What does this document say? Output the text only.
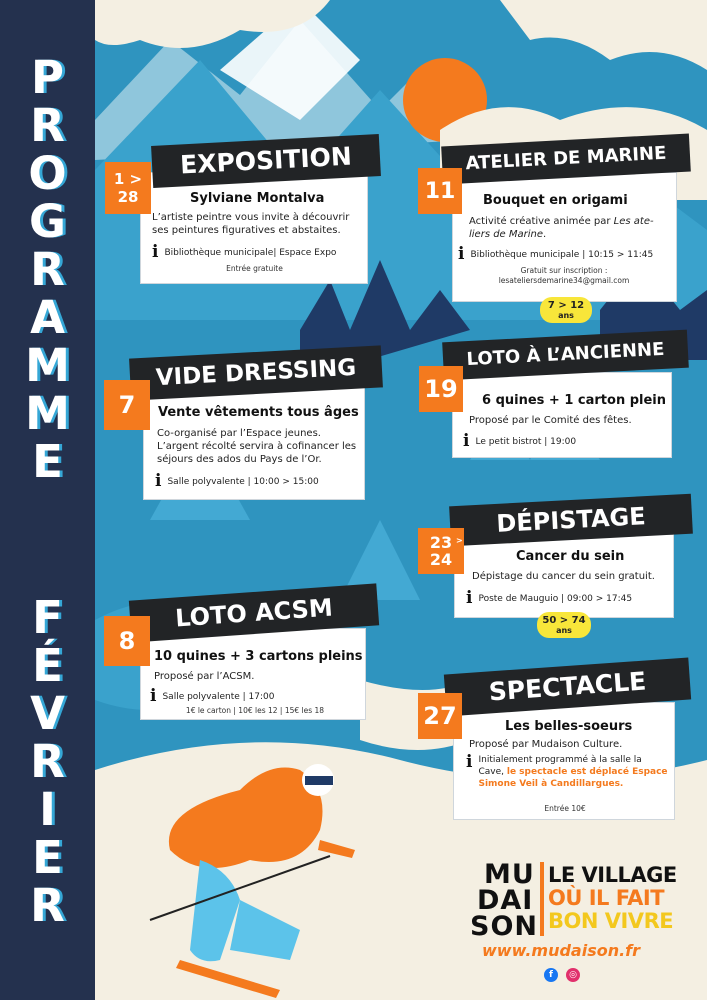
P
R
O
G
R
A
M
M
E
F
É
V
R
I
E
R
EXPOSITION
1 >
28	Sylviane Montalva
L’artiste peintre vous invite à découvrir ses peintures figuratives et abstaites.
i Bibliothèque municipale| Espace Expo
Entrée gratuite
ATELIER DE MARINE
11	Bouquet en origami
Activité créative animée par Les ate-liers de Marine.
i Bibliothèque municipale | 10:15 > 11:45
Gratuit sur inscription :
lesateliersdemarine34@gmail.com
7 > 12
ans
VIDE DRESSING
7	Vente vêtements tous âges
Co-organisé par l’Espace jeunes. L’argent récolté servira à cofinancer les séjours des ados du Pays de l’Or.
i Salle polyvalente | 10:00 > 15:00
LOTO À L’ANCIENNE
19	6 quines + 1 carton plein
Proposé par le Comité des fêtes.
i Le petit bistrot | 19:00
DÉPISTAGE
23
24
>
Cancer du sein
Dépistage du cancer du sein gratuit.
i Poste de Mauguio | 09:00 > 17:45
50 > 74
ans
LOTO ACSM
8
10 quines + 3 cartons pleins
Proposé par l’ACSM.
i Salle polyvalente | 17:00
1€ le carton | 10€ les 12 | 15€ les 18
SPECTACLE
27	Les belles-soeurs
Proposé par Mudaison Culture.
i Initialement programmé à la salle la Cave, le spectacle est déplacé Espace Simone Veil à Candillargues.
Entrée 10€
MU
DAI
SON
LE VILLAGE
OÙ IL FAIT
BON VIVRE
www.mudaison.fr
f	◎
